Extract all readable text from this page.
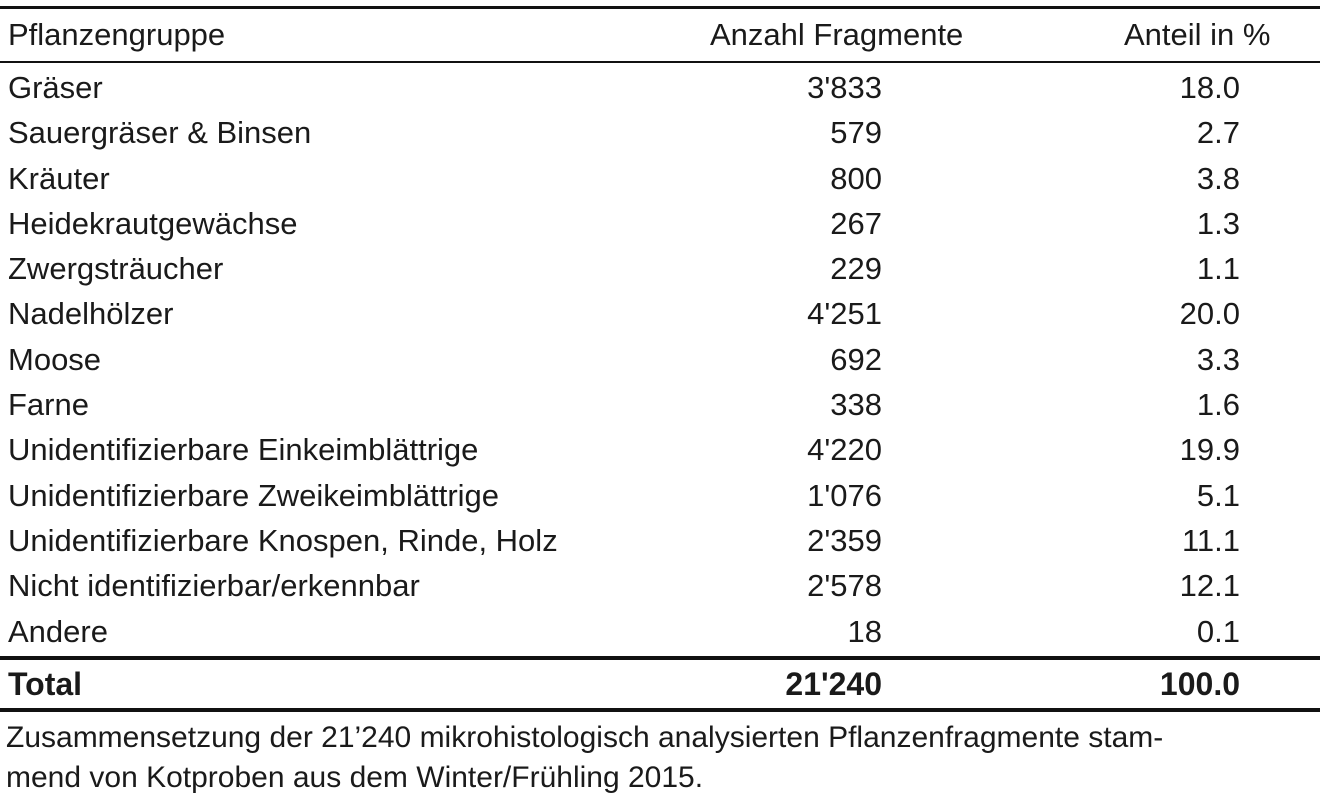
Pflanzengruppe	Anzahl Fragmente	Anteil in %
Gräser	3'833	18.0
Sauergräser & Binsen	579	2.7
Kräuter	800	3.8
Heidekrautgewächse	267	1.3
Zwergsträucher	229	1.1
Nadelhölzer	4'251	20.0
Moose	692	3.3
Farne	338	1.6
Unidentifizierbare Einkeimblättrige	4'220	19.9
Unidentifizierbare Zweikeimblättrige	1'076	5.1
Unidentifizierbare Knospen, Rinde, Holz	2'359	11.1
Nicht identifizierbar/erkennbar	2'578	12.1
Andere	18	0.1
Total	21'240	100.0
Zusammensetzung der 21’240 mikrohistologisch analysierten Pflanzenfragmente stam-
mend von Kotproben aus dem Winter/Frühling 2015.
